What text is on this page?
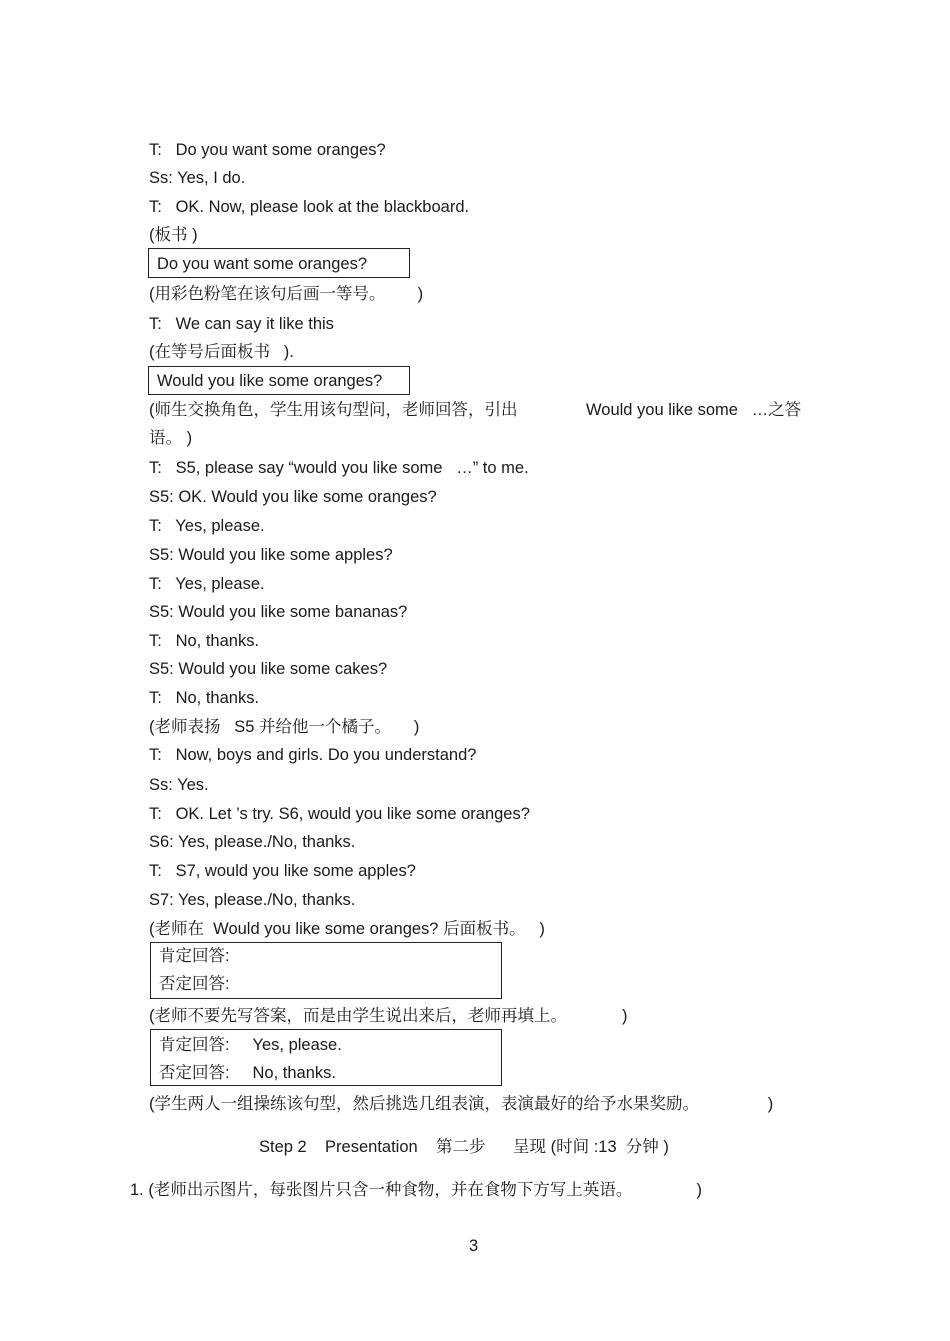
T:   Do you want some oranges?
Ss: Yes, I do.
T:   OK. Now, please look at the blackboard.
(板书 )
Do you want some oranges?
(用彩色粉笔在该句后画一等号。       )
T:   We can say it like this
(在等号后面板书   ).
Would you like some oranges?
(师生交换角色，学生用该句型问，老师回答，引出	Would you like some   …之答
语。 )
T:   S5, please say “would you like some   …” to me.
S5: OK. Would you like some oranges?
T:   Yes, please.
S5: Would you like some apples?
T:   Yes, please.
S5: Would you like some bananas?
T:   No, thanks.
S5: Would you like some cakes?
T:   No, thanks.
(老师表扬   S5 并给他一个橘子。     )
T:   Now, boys and girls. Do you understand?
Ss: Yes.
T:   OK. Let ’s try. S6, would you like some oranges?
S6: Yes, please./No, thanks.
T:   S7, would you like some apples?
S7: Yes, please./No, thanks.
(老师在  Would you like some oranges? 后面板书。   )
肯定回答:
否定回答:
(老师不要先写答案，而是由学生说出来后，老师再填上。            )
肯定回答:     Yes, please.
否定回答:     No, thanks.
(学生两人一组操练该句型，然后挑选几组表演，表演最好的给予水果奖励。               )
Step 2    Presentation    第二步      呈现 (时间 :13  分钟 )
1. (老师出示图片，每张图片只含一种食物，并在食物下方写上英语。              )
3
